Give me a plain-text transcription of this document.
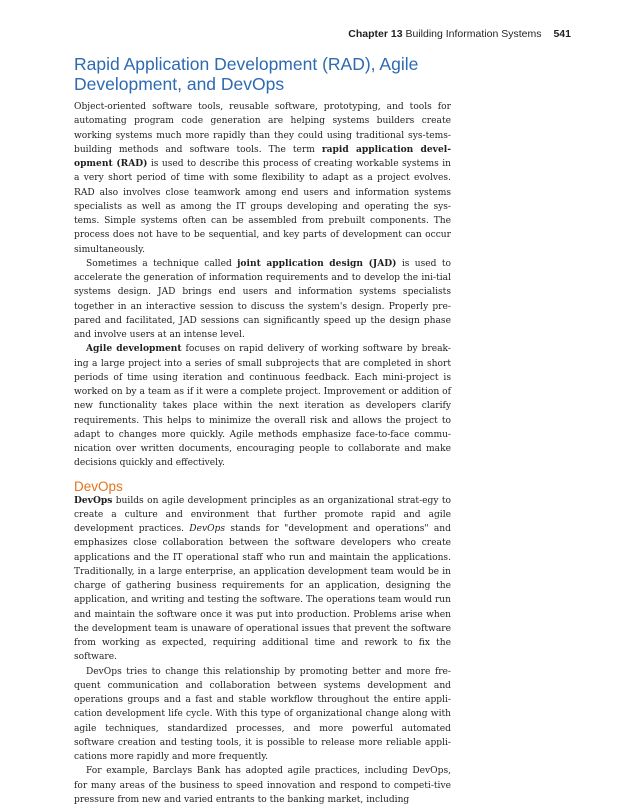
Chapter 13 Building Information Systems 541
Rapid Application Development (RAD), Agile
Development, and DevOps

Object-oriented software tools, reusable software, prototyping, and tools for automating program code generation are helping systems builders create working systems much more rapidly than they could using traditional sys-tems-building methods and software tools. The term rapid application devel-opment (RAD) is used to describe this process of creating workable systems in a very short period of time with some flexibility to adapt as a project evolves. RAD also involves close teamwork among end users and information systems specialists as well as among the IT groups developing and operating the sys-tems. Simple systems often can be assembled from prebuilt components. The process does not have to be sequential, and key parts of development can occur simultaneously.

Sometimes a technique called joint application design (JAD) is used to accelerate the generation of information requirements and to develop the ini-tial systems design. JAD brings end users and information systems specialists together in an interactive session to discuss the system's design. Properly pre-pared and facilitated, JAD sessions can significantly speed up the design phase and involve users at an intense level.

Agile development focuses on rapid delivery of working software by break-ing a large project into a series of small subprojects that are completed in short periods of time using iteration and continuous feedback. Each mini-project is worked on by a team as if it were a complete project. Improvement or addition of new functionality takes place within the next iteration as developers clarify requirements. This helps to minimize the overall risk and allows the project to adapt to changes more quickly. Agile methods emphasize face-to-face commu-nication over written documents, encouraging people to collaborate and make decisions quickly and effectively.

DevOps

DevOps builds on agile development principles as an organizational strat-egy to create a culture and environment that further promote rapid and agile development practices. DevOps stands for "development and operations" and emphasizes close collaboration between the software developers who create applications and the IT operational staff who run and maintain the applications. Traditionally, in a large enterprise, an application development team would be in charge of gathering business requirements for an application, designing the application, and writing and testing the software. The operations team would run and maintain the software once it was put into production. Problems arise when the development team is unaware of operational issues that prevent the software from working as expected, requiring additional time and rework to fix the software.

DevOps tries to change this relationship by promoting better and more fre-quent communication and collaboration between systems development and operations groups and a fast and stable workflow throughout the entire appli-cation development life cycle. With this type of organizational change along with agile techniques, standardized processes, and more powerful automated software creation and testing tools, it is possible to release more reliable appli-cations more rapidly and more frequently.

For example, Barclays Bank has adopted agile practices, including DevOps, for many areas of the business to speed innovation and respond to competi-tive pressure from new and varied entrants to the banking market, including
